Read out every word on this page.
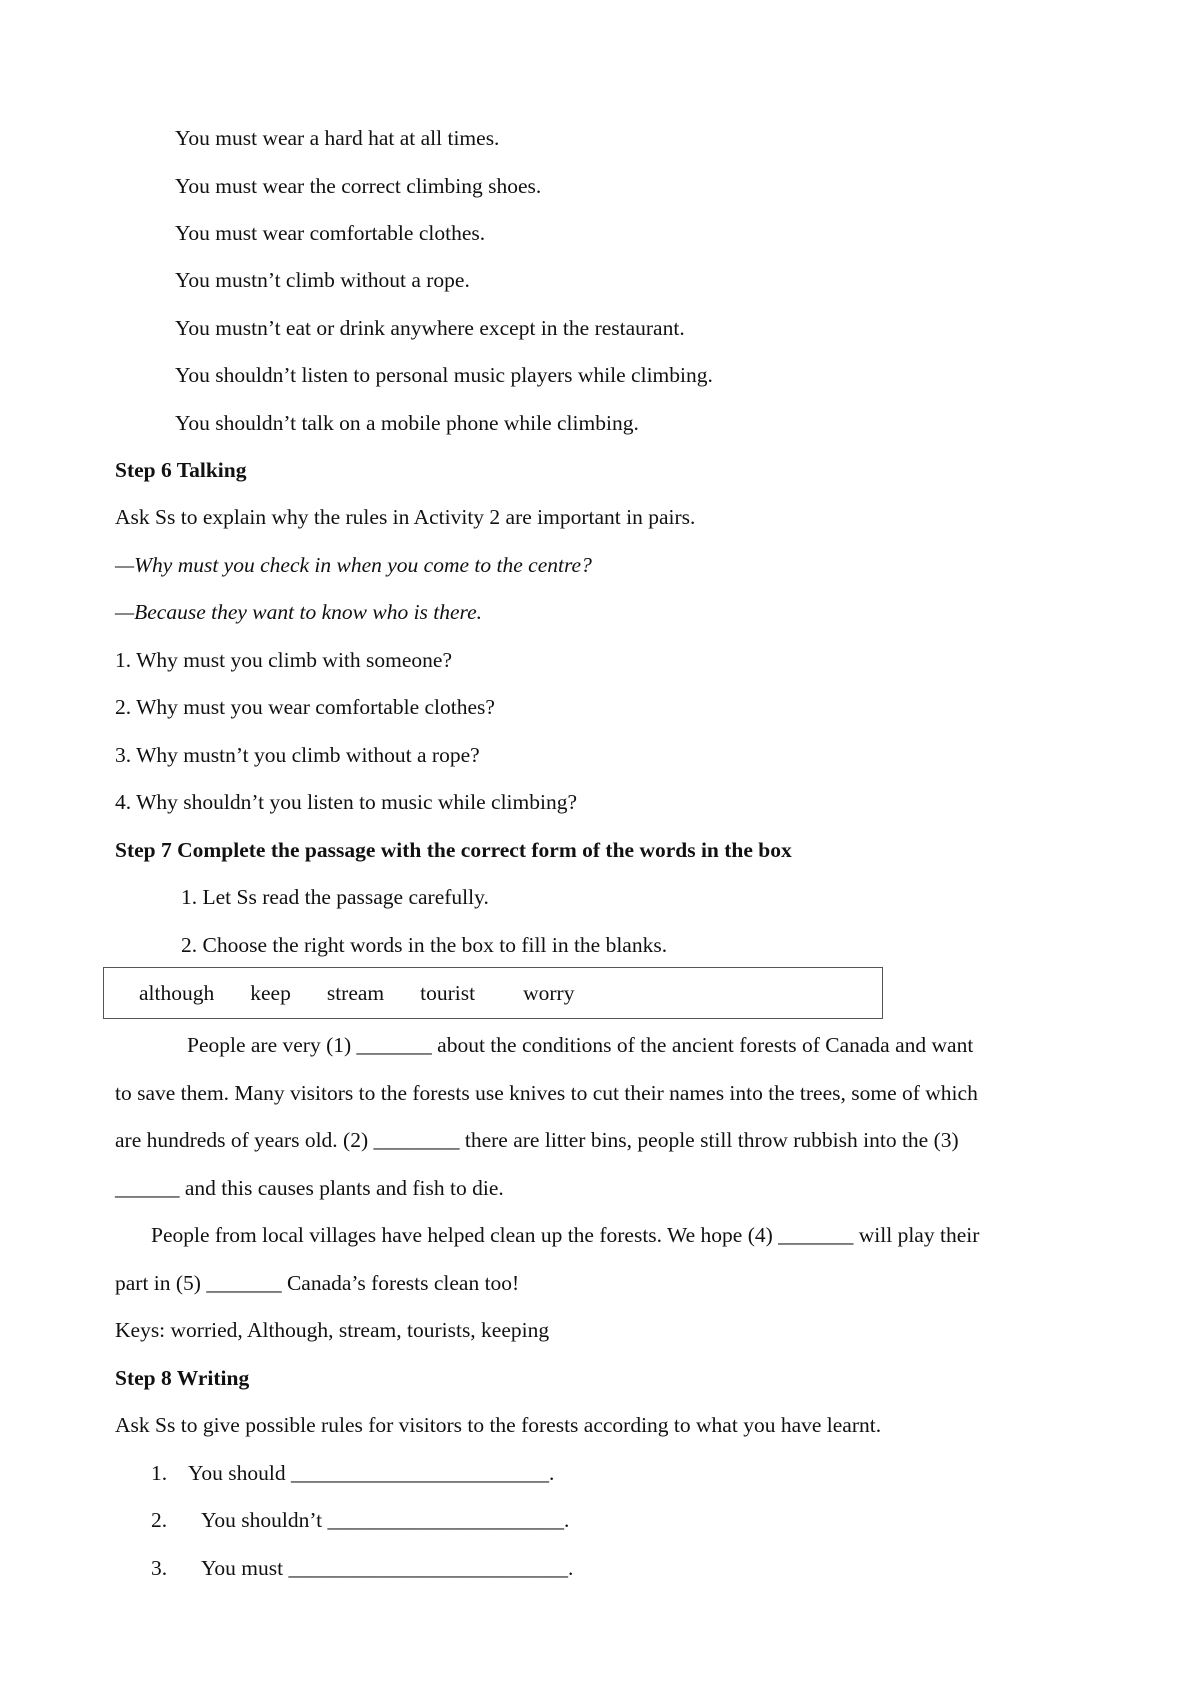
You must wear a hard hat at all times.
You must wear the correct climbing shoes.
You must wear comfortable clothes.
You mustn’t climb without a rope.
You mustn’t eat or drink anywhere except in the restaurant.
You shouldn’t listen to personal music players while climbing.
You shouldn’t talk on a mobile phone while climbing.
Step 6 Talking
Ask Ss to explain why the rules in Activity 2 are important in pairs.
—Why must you check in when you come to the centre?
—Because they want to know who is there.
1. Why must you climb with someone?
2. Why must you wear comfortable clothes?
3. Why mustn’t you climb without a rope?
4. Why shouldn’t you listen to music while climbing?
Step 7 Complete the passage with the correct form of the words in the box
1. Let Ss read the passage carefully.
2. Choose the right words in the box to fill in the blanks.
although keep stream tourist worry
People are very (1) _______ about the conditions of the ancient forests of Canada and want
to save them. Many visitors to the forests use knives to cut their names into the trees, some of which
are hundreds of years old. (2) ________ there are litter bins, people still throw rubbish into the (3)
______ and this causes plants and fish to die.
People from local villages have helped clean up the forests. We hope (4) _______ will play their
part in (5) _______ Canada’s forests clean too!
Keys: worried, Although, stream, tourists, keeping
Step 8 Writing
Ask Ss to give possible rules for visitors to the forests according to what you have learnt.
1. You should ________________________.
2. You shouldn’t ______________________.
3. You must __________________________.
